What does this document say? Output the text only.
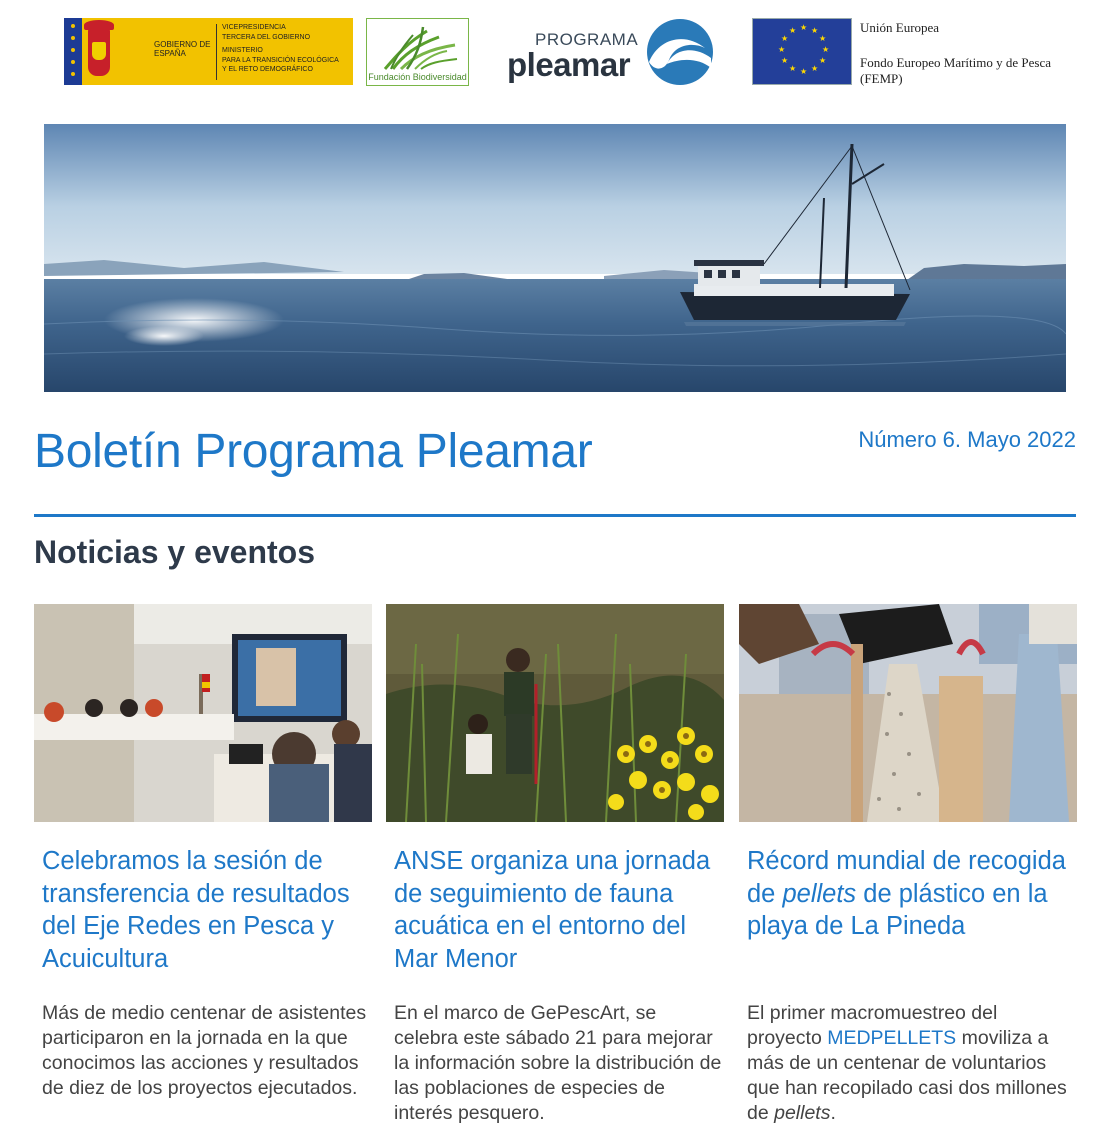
GOBIERNO DE ESPAÑA
VICEPRESIDENCIA
TERCERA DEL GOBIERNO
MINISTERIO
PARA LA TRANSICIÓN ECOLÓGICA
Y EL RETO DEMOGRÁFICO
Fundación Biodiversidad
PROGRAMA
pleamar
★ ★
★
★
★
★
★
★
★
★
★
★	Unión Europea
Fondo Europeo Marítimo y de Pesca (FEMP)
Boletín Programa Pleamar	Número 6. Mayo 2022
Noticias y eventos
Celebramos la sesión de transferencia de resultados del Eje Redes en Pesca y Acuicultura

Más de medio centenar de asistentes participaron en la jornada en la que conocimos las acciones y resultados de diez de los proyectos ejecutados.

ANSE organiza una jornada de seguimiento de fauna acuática en el entorno del Mar Menor

En el marco de GePescArt, se celebra este sábado 21 para mejorar la información sobre la distribución de las poblaciones de especies de interés pesquero.

Récord mundial de recogida de pellets de plástico en la playa de La Pineda

El primer macromuestreo del proyecto MEDPELLETS moviliza a más de un centenar de voluntarios que han recopilado casi dos millones de pellets.
